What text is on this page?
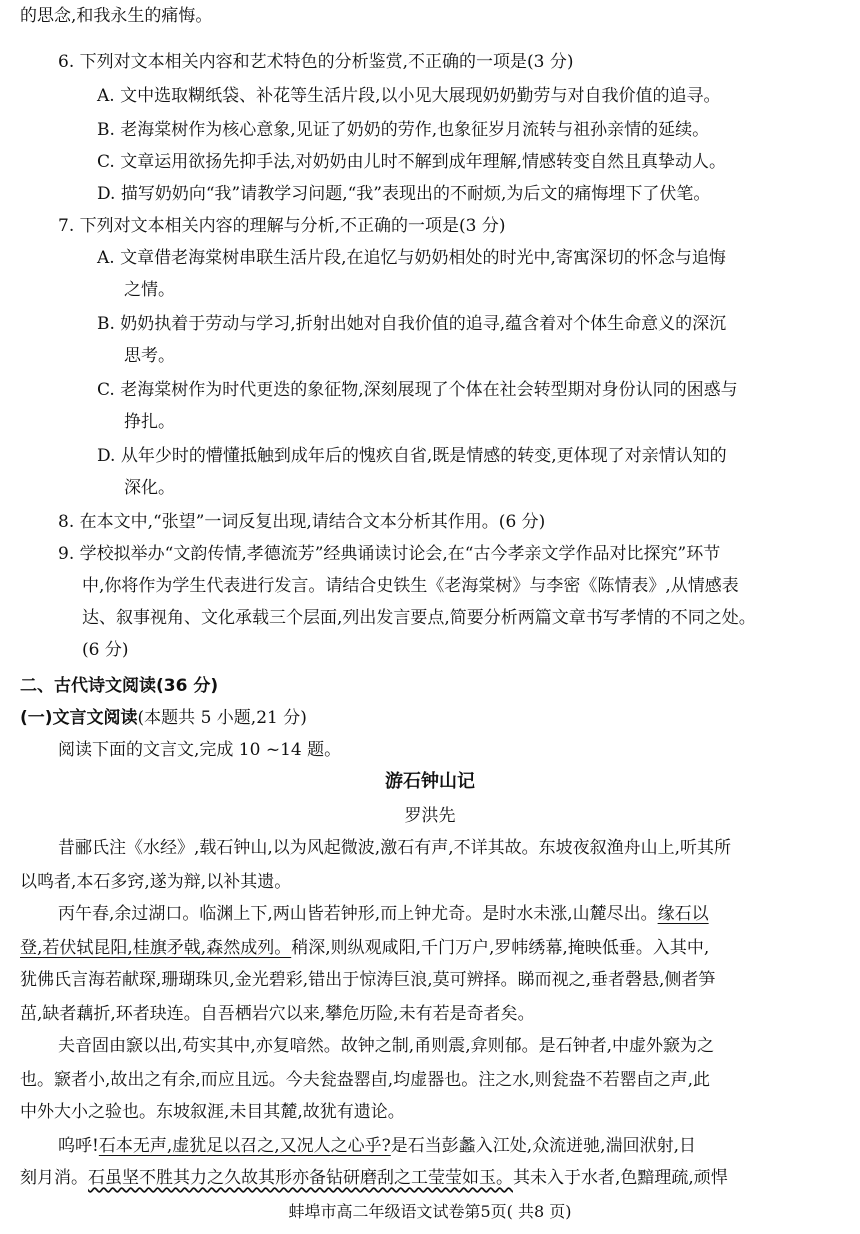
的思念,和我永生的痛悔。
6. 下列对文本相关内容和艺术特色的分析鉴赏,不正确的一项是(3 分)
A. 文中选取糊纸袋、补花等生活片段,以小见大展现奶奶勤劳与对自我价值的追寻。
B. 老海棠树作为核心意象,见证了奶奶的劳作,也象征岁月流转与祖孙亲情的延续。
C. 文章运用欲扬先抑手法,对奶奶由儿时不解到成年理解,情感转变自然且真挚动人。
D. 描写奶奶向“我”请教学习问题,“我”表现出的不耐烦,为后文的痛悔埋下了伏笔。
7. 下列对文本相关内容的理解与分析,不正确的一项是(3 分)
A. 文章借老海棠树串联生活片段,在追忆与奶奶相处的时光中,寄寓深切的怀念与追悔
之情。
B. 奶奶执着于劳动与学习,折射出她对自我价值的追寻,蕴含着对个体生命意义的深沉
思考。
C. 老海棠树作为时代更迭的象征物,深刻展现了个体在社会转型期对身份认同的困惑与
挣扎。
D. 从年少时的懵懂抵触到成年后的愧疚自省,既是情感的转变,更体现了对亲情认知的
深化。
8. 在本文中,“张望”一词反复出现,请结合文本分析其作用。(6 分)
9. 学校拟举办“文韵传情,孝德流芳”经典诵读讨论会,在“古今孝亲文学作品对比探究”环节
中,你将作为学生代表进行发言。请结合史铁生《老海棠树》与李密《陈情表》,从情感表
达、叙事视角、文化承载三个层面,列出发言要点,简要分析两篇文章书写孝情的不同之处。
(6 分)
二、古代诗文阅读(36 分)
(一)文言文阅读(本题共 5 小题,21 分)
阅读下面的文言文,完成 10 ~14 题。
游石钟山记
罗洪先
昔郦氏注《水经》,载石钟山,以为风起微波,激石有声,不详其故。东坡夜叙渔舟山上,听其所
以鸣者,本石多窍,遂为辩,以补其遗。
丙午春,余过湖口。临渊上下,两山皆若钟形,而上钟尤奇。是时水未涨,山麓尽出。缘石以
登,若伏轼昆阳,桂旗矛戟,森然成列。稍深,则纵观咸阳,千门万户,罗帏绣幕,掩映低垂。入其中,
犹佛氏言海若献琛,珊瑚珠贝,金光碧彩,错出于惊涛巨浪,莫可辨择。睇而视之,垂者磬悬,侧者笋
茁,缺者藕折,环者玦连。自吾栖岩穴以来,攀危历险,未有若是奇者矣。
夫音固由窾以出,苟实其中,亦复喑然。故钟之制,甬则震,弇则郁。是石钟者,中虚外窾为之
也。窾者小,故出之有余,而应且远。今夫瓮盎罂卣,均虚器也。注之水,则瓮盎不若罂卣之声,此
中外大小之验也。东坡叙涯,未目其麓,故犹有遗论。
呜呼!石本无声,虚犹足以召之,又况人之心乎?是石当彭蠡入江处,众流迸驰,湍回洑射,日
刻月消。石虽坚不胜其力之久故其形亦备钻研磨刮之工莹莹如玉。其未入于水者,色黯理疏,顽悍
蚌埠市高二年级语文试卷第5页( 共8 页)
